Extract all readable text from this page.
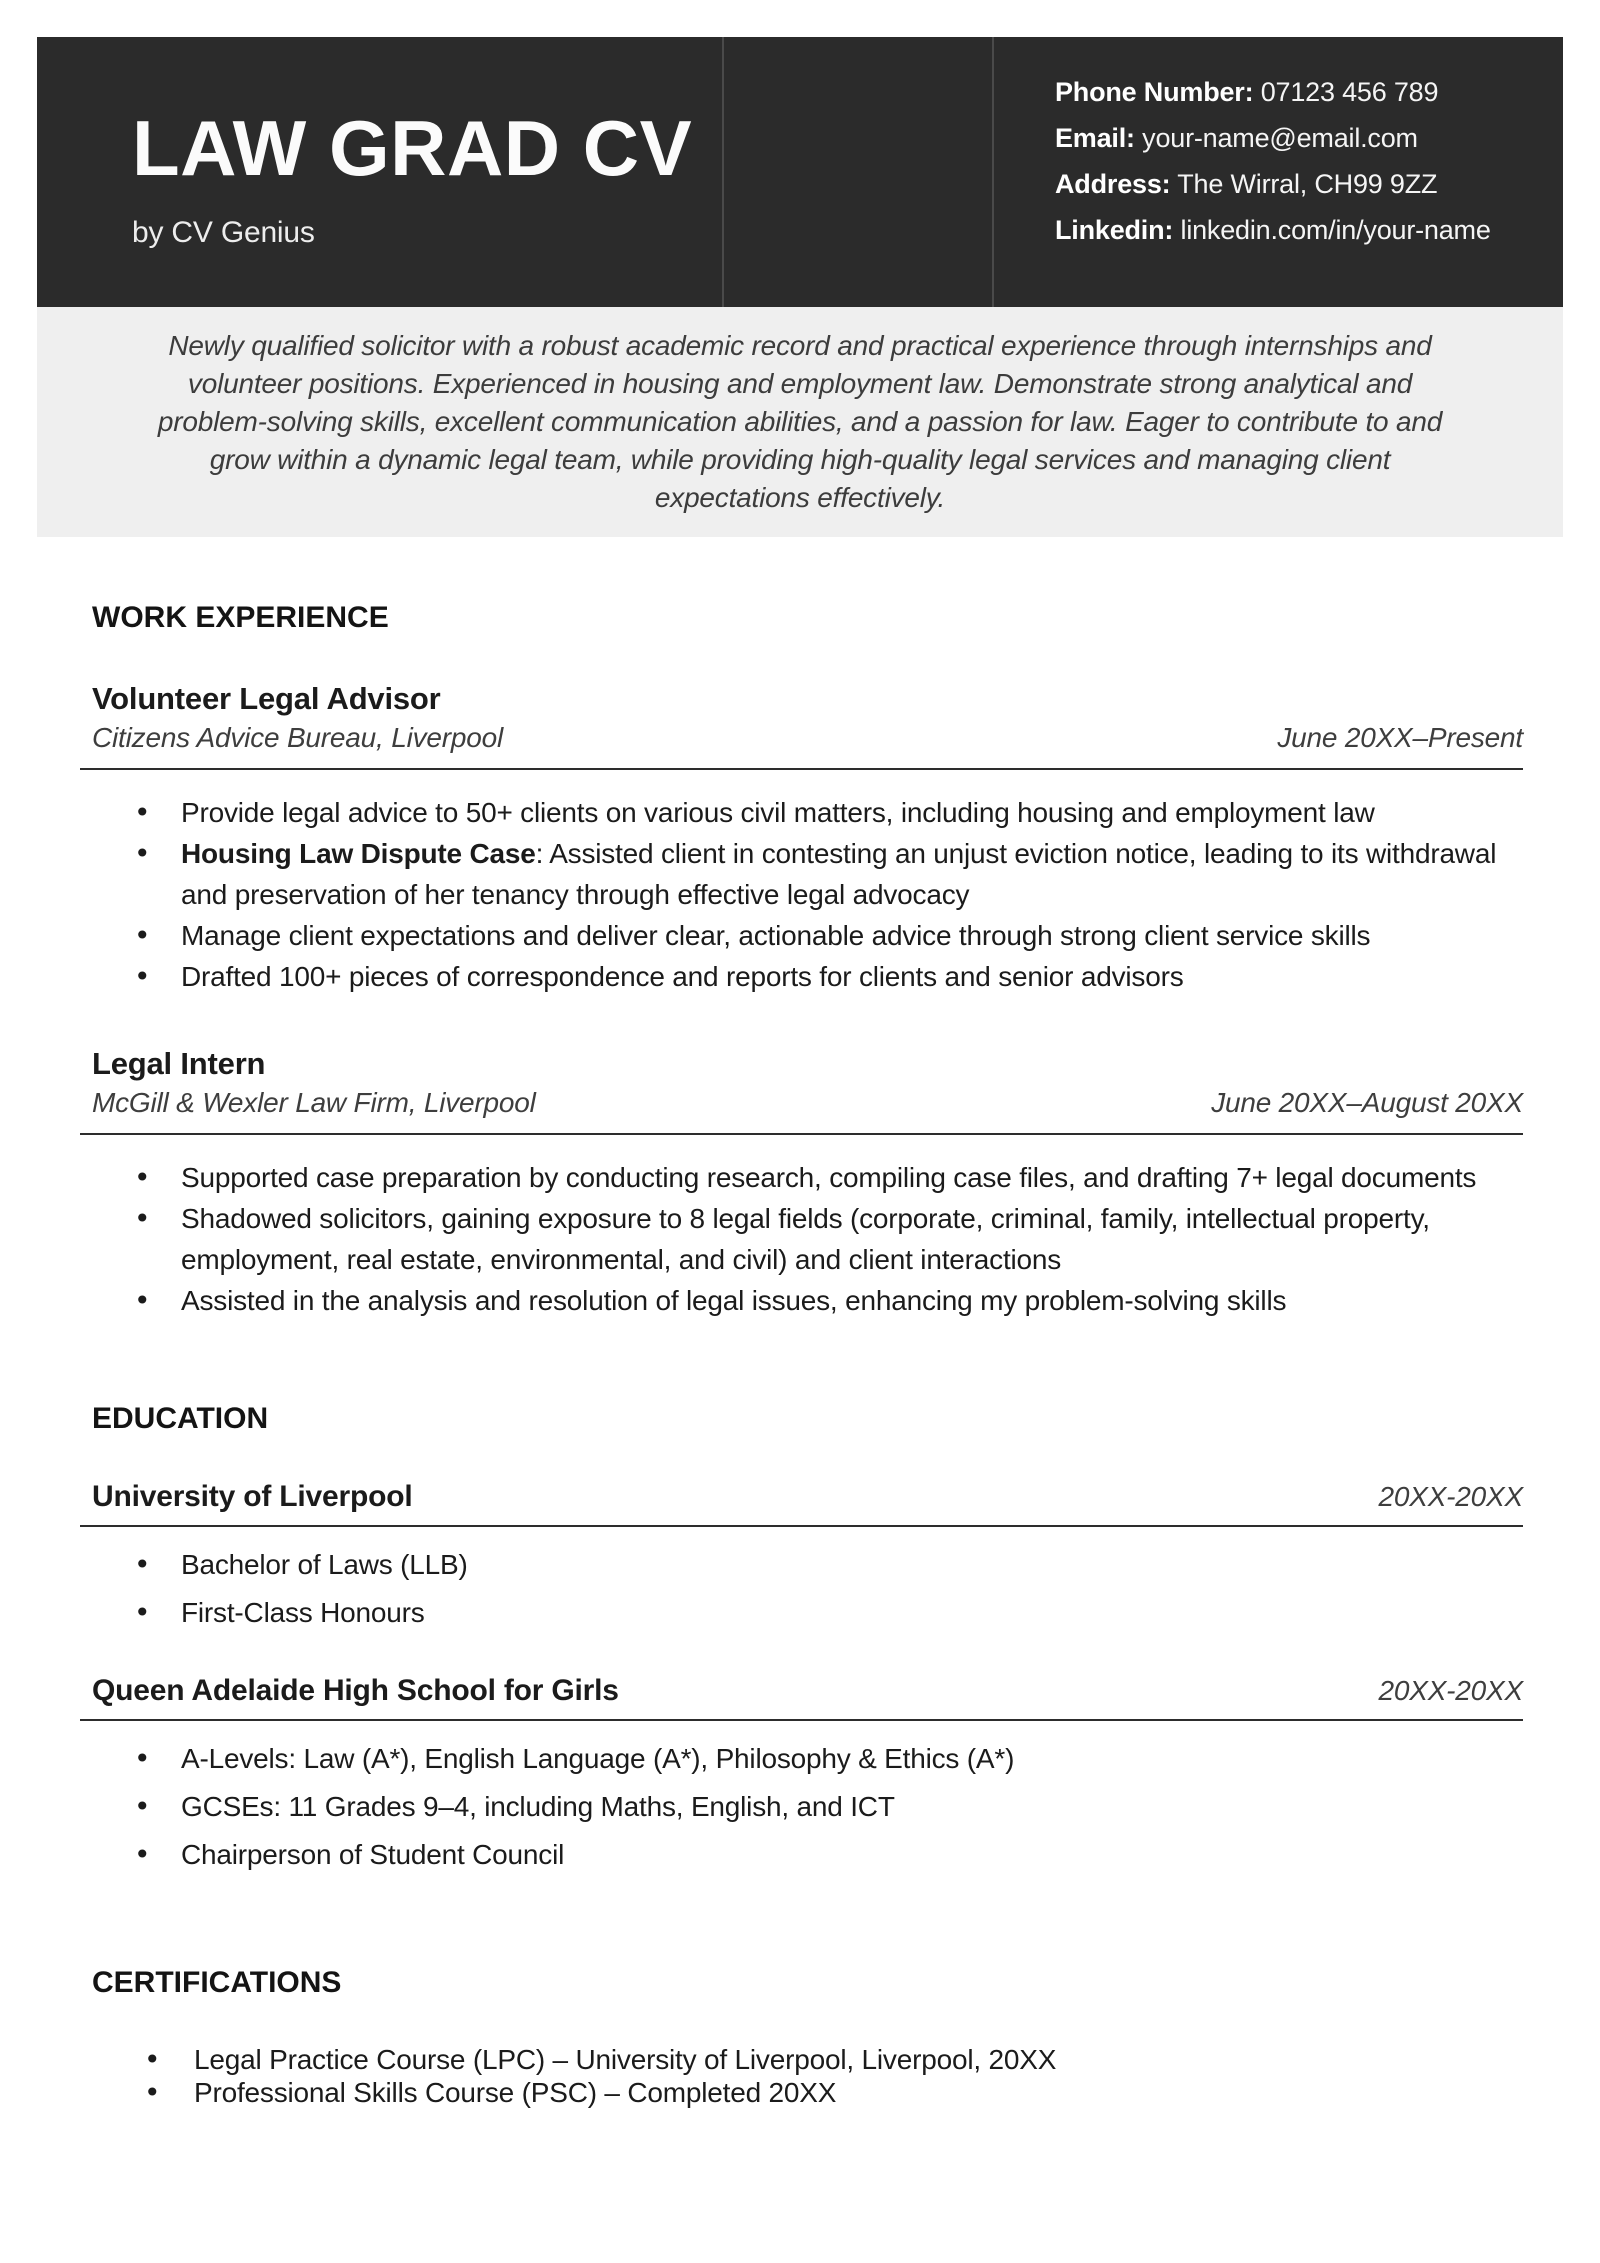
LAW GRAD CV
by CV Genius
Phone Number: 07123 456 789
Email: your-name@email.com
Address: The Wirral, CH99 9ZZ
Linkedin: linkedin.com/in/your-name

Newly qualified solicitor with a robust academic record and practical experience through internships and volunteer positions. Experienced in housing and employment law. Demonstrate strong analytical and problem-solving skills, excellent communication abilities, and a passion for law. Eager to contribute to and grow within a dynamic legal team, while providing high-quality legal services and managing client expectations effectively.

WORK EXPERIENCE
Volunteer Legal Advisor
Citizens Advice Bureau, Liverpool	June 20XX–Present
• Provide legal advice to 50+ clients on various civil matters, including housing and employment law
• Housing Law Dispute Case: Assisted client in contesting an unjust eviction notice, leading to its withdrawal and preservation of her tenancy through effective legal advocacy
• Manage client expectations and deliver clear, actionable advice through strong client service skills
• Drafted 100+ pieces of correspondence and reports for clients and senior advisors
Legal Intern
McGill & Wexler Law Firm, Liverpool	June 20XX–August 20XX
• Supported case preparation by conducting research, compiling case files, and drafting 7+ legal documents
• Shadowed solicitors, gaining exposure to 8 legal fields (corporate, criminal, family, intellectual property, employment, real estate, environmental, and civil) and client interactions
• Assisted in the analysis and resolution of legal issues, enhancing my problem-solving skills
EDUCATION
University of Liverpool	20XX-20XX
• Bachelor of Laws (LLB)
• First-Class Honours
Queen Adelaide High School for Girls	20XX-20XX
• A-Levels: Law (A*), English Language (A*), Philosophy & Ethics (A*)
• GCSEs: 11 Grades 9–4, including Maths, English, and ICT
• Chairperson of Student Council
CERTIFICATIONS
• Legal Practice Course (LPC) – University of Liverpool, Liverpool, 20XX
• Professional Skills Course (PSC) – Completed 20XX
